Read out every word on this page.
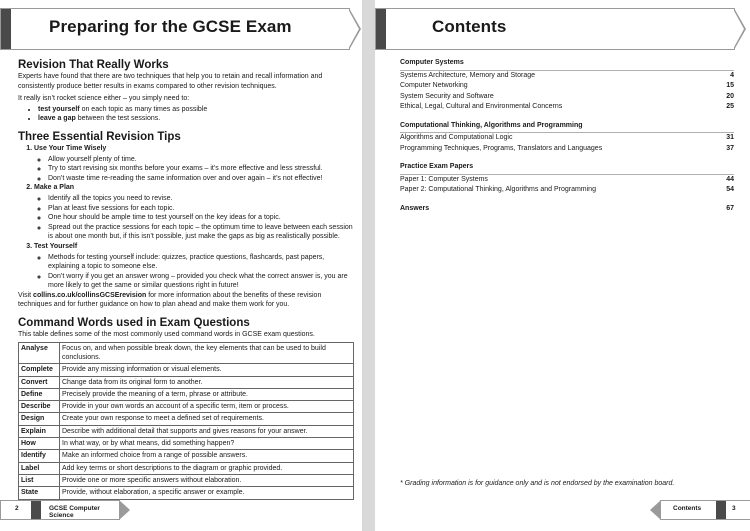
Preparing for the GCSE Exam	Contents
Revision That Really Works

Experts have found that there are two techniques that help you to retain and recall information and consistently produce better results in exams compared to other revision techniques.

It really isn’t rocket science either – you simply need to:

• test yourself on each topic as many times as possible
• leave a gap between the test sessions.
Three Essential Revision Tips
1. Use Your Time Wisely
◦ Allow yourself plenty of time.
◦ Try to start revising six months before your exams – it’s more effective and less stressful.
◦ Don’t waste time re-reading the same information over and over again – it’s not effective!
2. Make a Plan
◦ Identify all the topics you need to revise.
◦ Plan at least five sessions for each topic.
◦ One hour should be ample time to test yourself on the key ideas for a topic.
◦ Spread out the practice sessions for each topic – the optimum time to leave between each session is about one month but, if this isn’t possible, just make the gaps as big as realistically possible.
3. Test Yourself
◦ Methods for testing yourself include: quizzes, practice questions, flashcards, past papers, explaining a topic to someone else.
◦ Don’t worry if you get an answer wrong – provided you check what the correct answer is, you are more likely to get the same or similar questions right in future!

Visit collins.co.uk/collinsGCSErevision for more information about the benefits of these revision techniques and for further guidance on how to plan ahead and make them work for you.

Command Words used in Exam Questions

This table defines some of the most commonly used command words in GCSE exam questions.

Analyse	Focus on, and when possible break down, the key elements that can be used to build conclusions.
Complete	Provide any missing information or visual elements.
Convert	Change data from its original form to another.
Define	Precisely provide the meaning of a term, phrase or attribute.
Describe	Provide in your own words an account of a specific term, item or process.
Design	Create your own response to meet a defined set of requirements.
Explain	Describe with additional detail that supports and gives reasons for your answer.
How	In what way, or by what means, did something happen?
Identify	Make an informed choice from a range of possible answers.
Label	Add key terms or short descriptions to the diagram or graphic provided.
List	Provide one or more specific answers without elaboration.
State	Provide, without elaboration, a specific answer or example.
Computer Systems
Systems Architecture, Memory and Storage	4
Computer Networking	15
System Security and Software	20
Ethical, Legal, Cultural and Environmental Concerns	25
Computational Thinking, Algorithms and Programming
Algorithms and Computational Logic	31
Programming Techniques, Programs, Translators and Languages	37
Practice Exam Papers
Paper 1: Computer Systems	44
Paper 2: Computational Thinking, Algorithms and Programming	54
Answers	67
* Grading information is for guidance only and is not endorsed by the examination board.
2	GCSE Computer Science
Contents	3
